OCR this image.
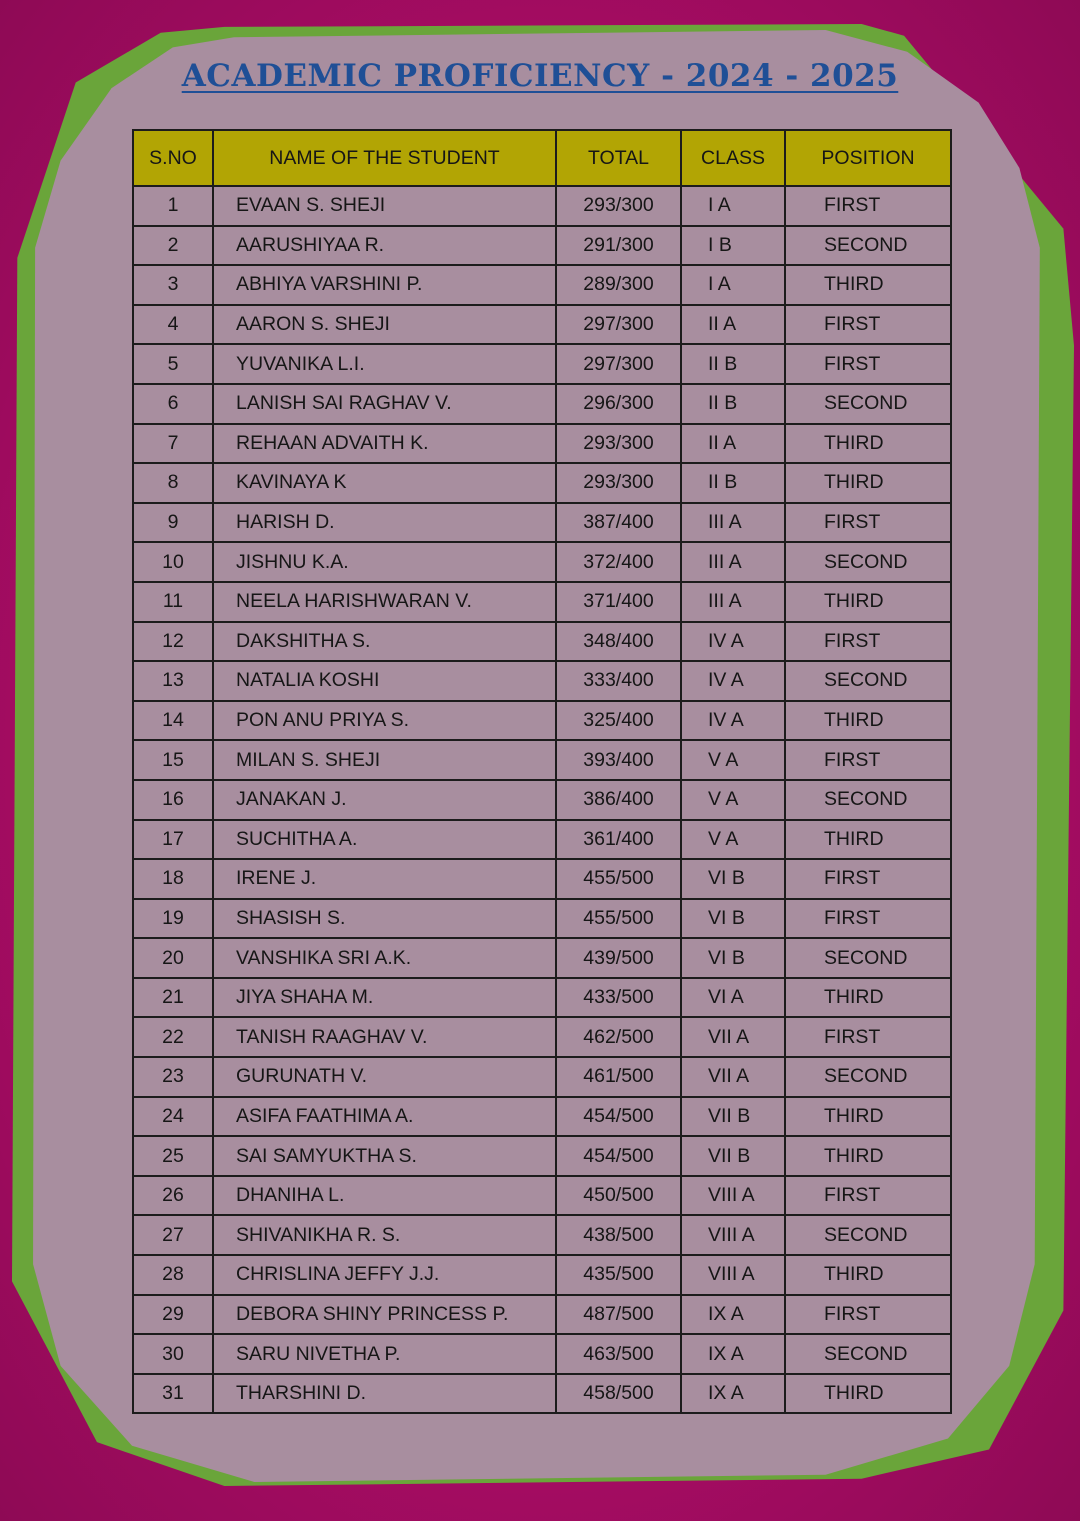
ACADEMIC PROFICIENCY - 2024 - 2025
S.NO	NAME OF THE STUDENT	TOTAL	CLASS	POSITION
1	EVAAN S. SHEJI	293/300	I A	FIRST
2	AARUSHIYAA R.	291/300	I B	SECOND
3	ABHIYA VARSHINI P.	289/300	I A	THIRD
4	AARON S. SHEJI	297/300	II A	FIRST
5	YUVANIKA L.I.	297/300	II B	FIRST
6	LANISH SAI RAGHAV V.	296/300	II B	SECOND
7	REHAAN ADVAITH K.	293/300	II A	THIRD
8	KAVINAYA K	293/300	II B	THIRD
9	HARISH D.	387/400	III A	FIRST
10	JISHNU K.A.	372/400	III A	SECOND
11	NEELA HARISHWARAN V.	371/400	III A	THIRD
12	DAKSHITHA S.	348/400	IV A	FIRST
13	NATALIA KOSHI	333/400	IV A	SECOND
14	PON ANU PRIYA S.	325/400	IV A	THIRD
15	MILAN S. SHEJI	393/400	V A	FIRST
16	JANAKAN J.	386/400	V A	SECOND
17	SUCHITHA A.	361/400	V A	THIRD
18	IRENE J.	455/500	VI B	FIRST
19	SHASISH S.	455/500	VI B	FIRST
20	VANSHIKA SRI A.K.	439/500	VI B	SECOND
21	JIYA SHAHA M.	433/500	VI A	THIRD
22	TANISH RAAGHAV V.	462/500	VII A	FIRST
23	GURUNATH V.	461/500	VII A	SECOND
24	ASIFA FAATHIMA A.	454/500	VII B	THIRD
25	SAI SAMYUKTHA S.	454/500	VII B	THIRD
26	DHANIHA L.	450/500	VIII A	FIRST
27	SHIVANIKHA R. S.	438/500	VIII A	SECOND
28	CHRISLINA JEFFY J.J.	435/500	VIII A	THIRD
29	DEBORA SHINY PRINCESS P.	487/500	IX A	FIRST
30	SARU NIVETHA P.	463/500	IX A	SECOND
31	THARSHINI D.	458/500	IX A	THIRD
